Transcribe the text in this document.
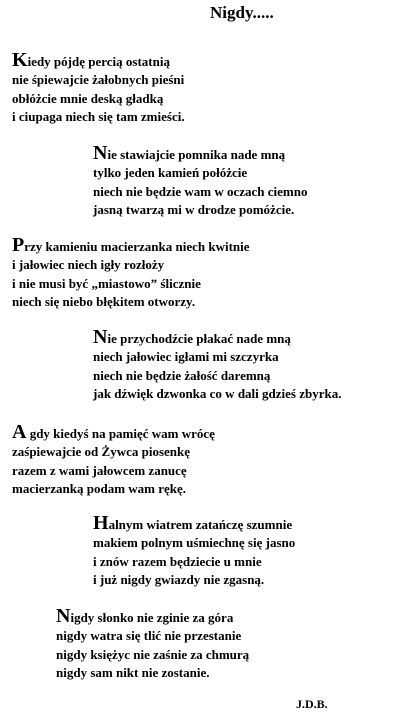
Nigdy.....
Kiedy pójdę percią ostatnią
nie śpiewajcie żałobnych pieśni
obłóżcie mnie deską gładką
i ciupaga niech się tam zmieści.
Nie stawiajcie pomnika nade mną
tylko jeden kamień połóżcie
niech nie będzie wam w oczach ciemno
jasną twarzą mi w drodze pomóżcie.
Przy kamieniu macierzanka niech kwitnie
i jałowiec niech igły rozłoży
i nie musi być „miastowo” ślicznie
niech się niebo błękitem otworzy.
Nie przychodźcie płakać nade mną
niech jałowiec igłami mi szczyrka
niech nie będzie żałość daremną
jak dźwięk dzwonka co w dali gdzieś zbyrka.
A gdy kiedyś na pamięć wam wrócę
zaśpiewajcie od Żywca piosenkę
razem z wami jałowcem zanucę
macierzanką podam wam rękę.
Halnym wiatrem zatańczę szumnie
makiem polnym uśmiechnę się jasno
i znów razem będziecie u mnie
i już nigdy gwiazdy nie zgasną.
Nigdy słonko nie zginie za góra
nigdy watra się tlić nie przestanie
nigdy księżyc nie zaśnie za chmurą
nigdy sam nikt nie zostanie.
J.D.B.
